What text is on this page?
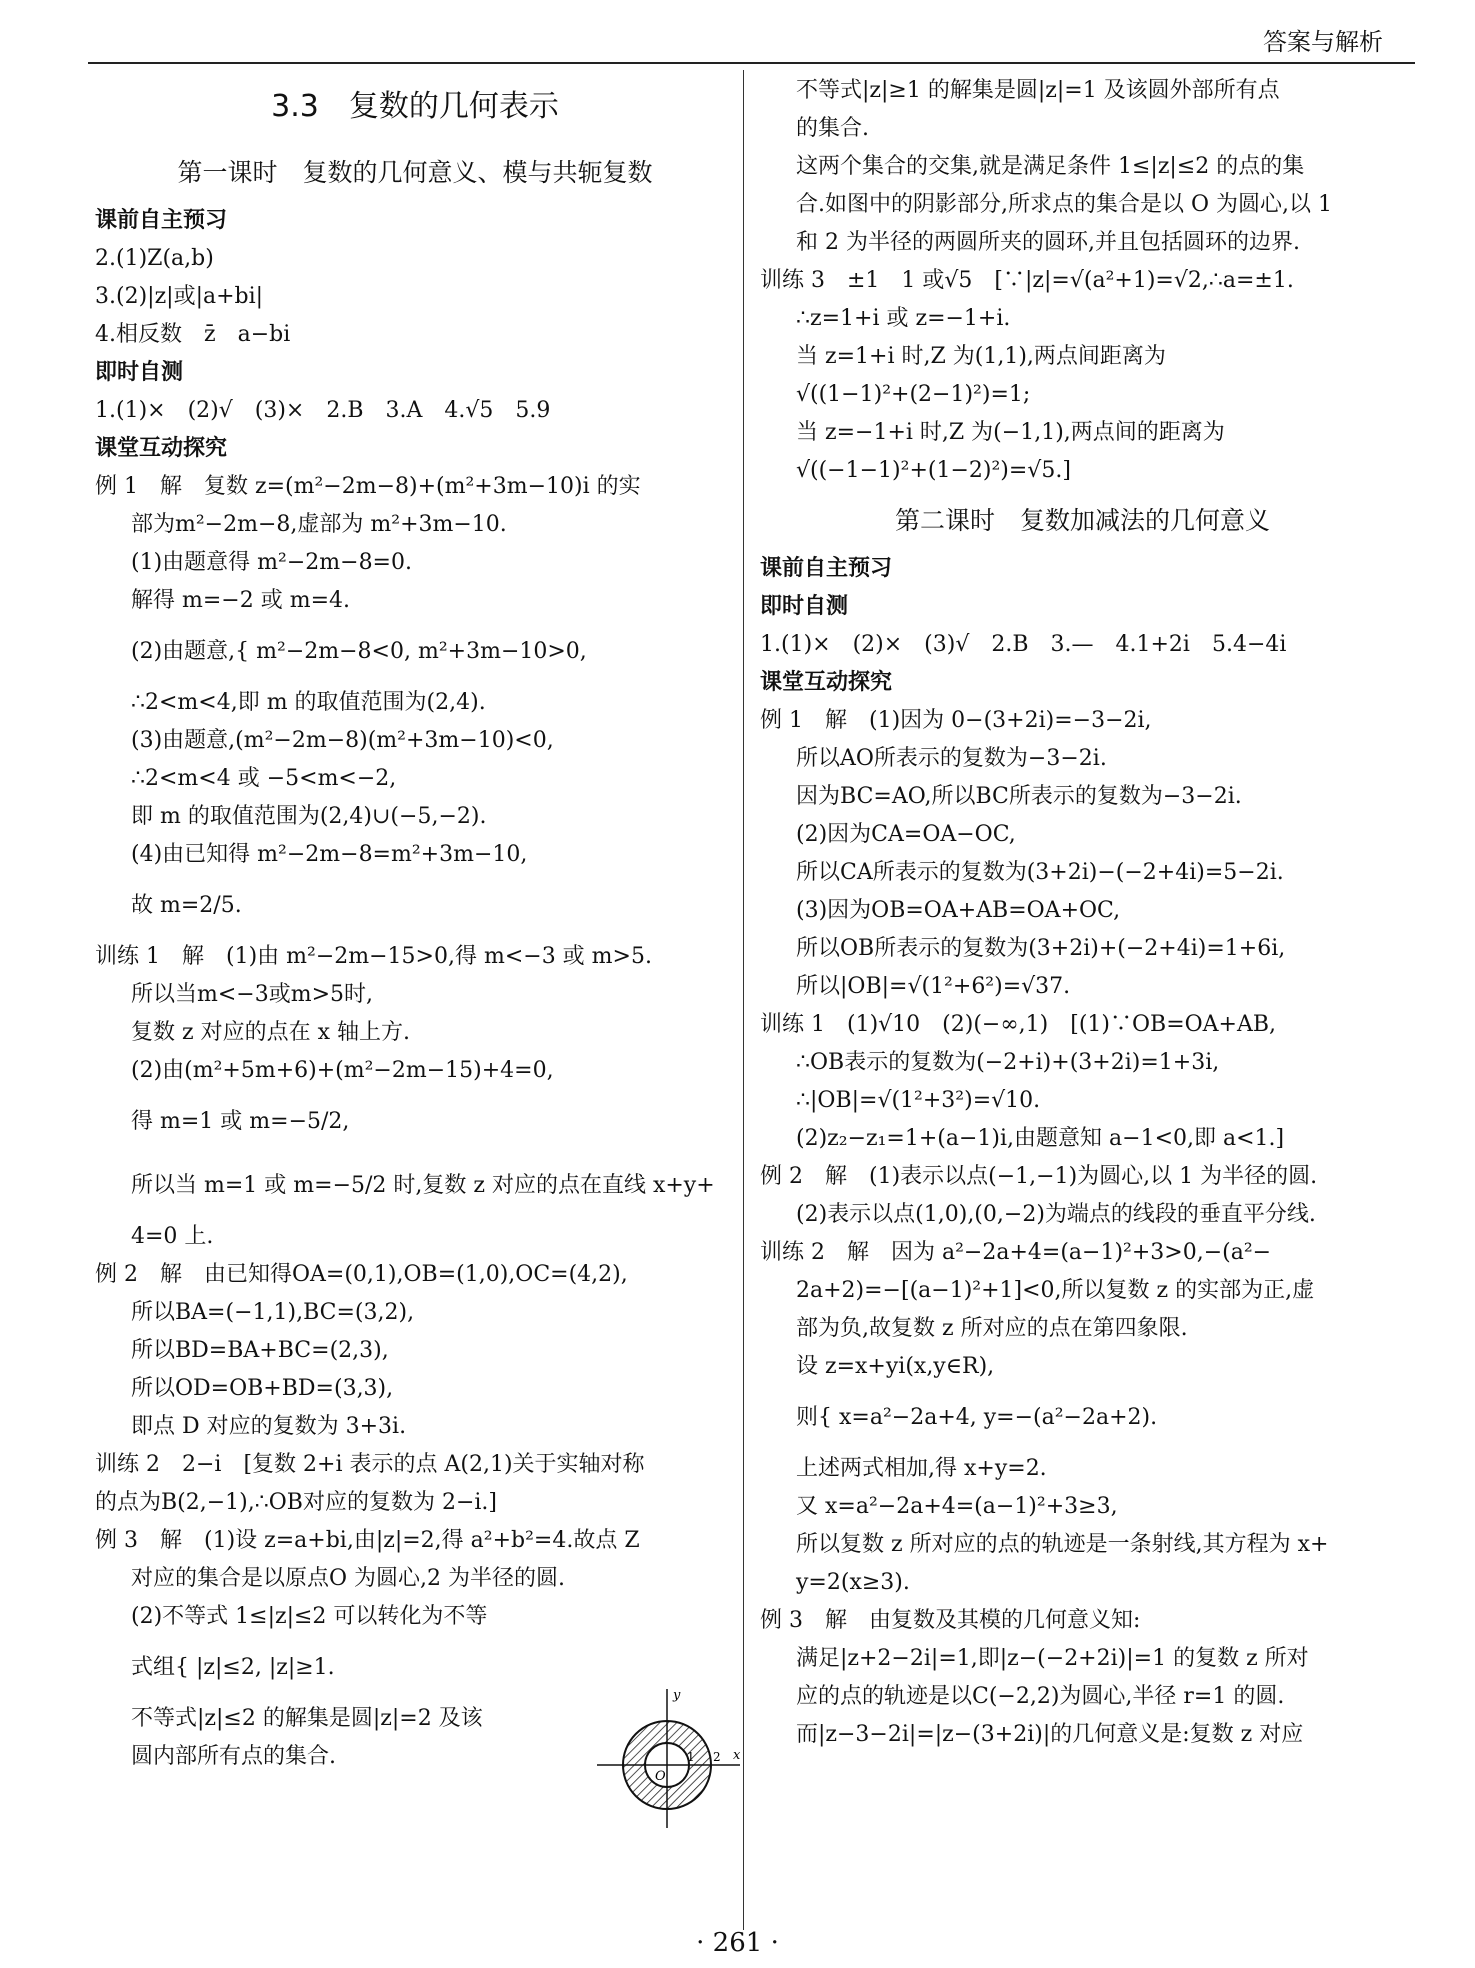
答案与解析
3.3　复数的几何表示
第一课时　复数的几何意义、模与共轭复数
课前自主预习
2.(1)Z(a,b)
3.(2)|z|或|a+bi|
4.相反数　z̄　a−bi
即时自测
1.(1)×　(2)√　(3)×　2.B　3.A　4.√5　5.9
课堂互动探究
例 1　解　复数 z=(m²−2m−8)+(m²+3m−10)i 的实
部为m²−2m−8,虚部为 m²+3m−10.
(1)由题意得 m²−2m−8=0.
解得 m=−2 或 m=4.
(2)由题意,{ m²−2m−8<0, m²+3m−10>0,
∴2<m<4,即 m 的取值范围为(2,4).
(3)由题意,(m²−2m−8)(m²+3m−10)<0,
∴2<m<4 或 −5<m<−2,
即 m 的取值范围为(2,4)∪(−5,−2).
(4)由已知得 m²−2m−8=m²+3m−10,
故 m=2/5.
训练 1　解　(1)由 m²−2m−15>0,得 m<−3 或 m>5.
所以当m<−3或m>5时,
复数 z 对应的点在 x 轴上方.
(2)由(m²+5m+6)+(m²−2m−15)+4=0,
得 m=1 或 m=−5/2,
所以当 m=1 或 m=−5/2 时,复数 z 对应的点在直线 x+y+
4=0 上.
例 2　解　由已知得OA=(0,1),OB=(1,0),OC=(4,2),
所以BA=(−1,1),BC=(3,2),
所以BD=BA+BC=(2,3),
所以OD=OB+BD=(3,3),
即点 D 对应的复数为 3+3i.
训练 2　2−i　[复数 2+i 表示的点 A(2,1)关于实轴对称
的点为B(2,−1),∴OB对应的复数为 2−i.]
例 3　解　(1)设 z=a+bi,由|z|=2,得 a²+b²=4.故点 Z
对应的集合是以原点O 为圆心,2 为半径的圆.
(2)不等式 1≤|z|≤2 可以转化为不等
式组{ |z|≤2, |z|≥1.
不等式|z|≤2 的解集是圆|z|=2 及该
圆内部所有点的集合.
不等式|z|≥1 的解集是圆|z|=1 及该圆外部所有点
的集合.
这两个集合的交集,就是满足条件 1≤|z|≤2 的点的集
合.如图中的阴影部分,所求点的集合是以 O 为圆心,以 1
和 2 为半径的两圆所夹的圆环,并且包括圆环的边界.
训练 3　±1　1 或√5　[∵|z|=√(a²+1)=√2,∴a=±1.
∴z=1+i 或 z=−1+i.
当 z=1+i 时,Z 为(1,1),两点间距离为
√((1−1)²+(2−1)²)=1;
当 z=−1+i 时,Z 为(−1,1),两点间的距离为
√((−1−1)²+(1−2)²)=√5.]
第二课时　复数加减法的几何意义
课前自主预习
即时自测
1.(1)×　(2)×　(3)√　2.B　3.—　4.1+2i　5.4−4i
课堂互动探究
例 1　解　(1)因为 0−(3+2i)=−3−2i,
所以AO所表示的复数为−3−2i.
因为BC=AO,所以BC所表示的复数为−3−2i.
(2)因为CA=OA−OC,
所以CA所表示的复数为(3+2i)−(−2+4i)=5−2i.
(3)因为OB=OA+AB=OA+OC,
所以OB所表示的复数为(3+2i)+(−2+4i)=1+6i,
所以|OB|=√(1²+6²)=√37.
训练 1　(1)√10　(2)(−∞,1)　[(1)∵OB=OA+AB,
∴OB表示的复数为(−2+i)+(3+2i)=1+3i,
∴|OB|=√(1²+3²)=√10.
(2)z₂−z₁=1+(a−1)i,由题意知 a−1<0,即 a<1.]
例 2　解　(1)表示以点(−1,−1)为圆心,以 1 为半径的圆.
(2)表示以点(1,0),(0,−2)为端点的线段的垂直平分线.
训练 2　解　因为 a²−2a+4=(a−1)²+3>0,−(a²−
2a+2)=−[(a−1)²+1]<0,所以复数 z 的实部为正,虚
部为负,故复数 z 所对应的点在第四象限.
设 z=x+yi(x,y∈R),
则{ x=a²−2a+4, y=−(a²−2a+2).
上述两式相加,得 x+y=2.
又 x=a²−2a+4=(a−1)²+3≥3,
所以复数 z 所对应的点的轨迹是一条射线,其方程为 x+
y=2(x≥3).
例 3　解　由复数及其模的几何意义知:
满足|z+2−2i|=1,即|z−(−2+2i)|=1 的复数 z 所对
应的点的轨迹是以C(−2,2)为圆心,半径 r=1 的圆.
而|z−3−2i|=|z−(3+2i)|的几何意义是:复数 z 对应
y
x
O
1 2
· 261 ·
